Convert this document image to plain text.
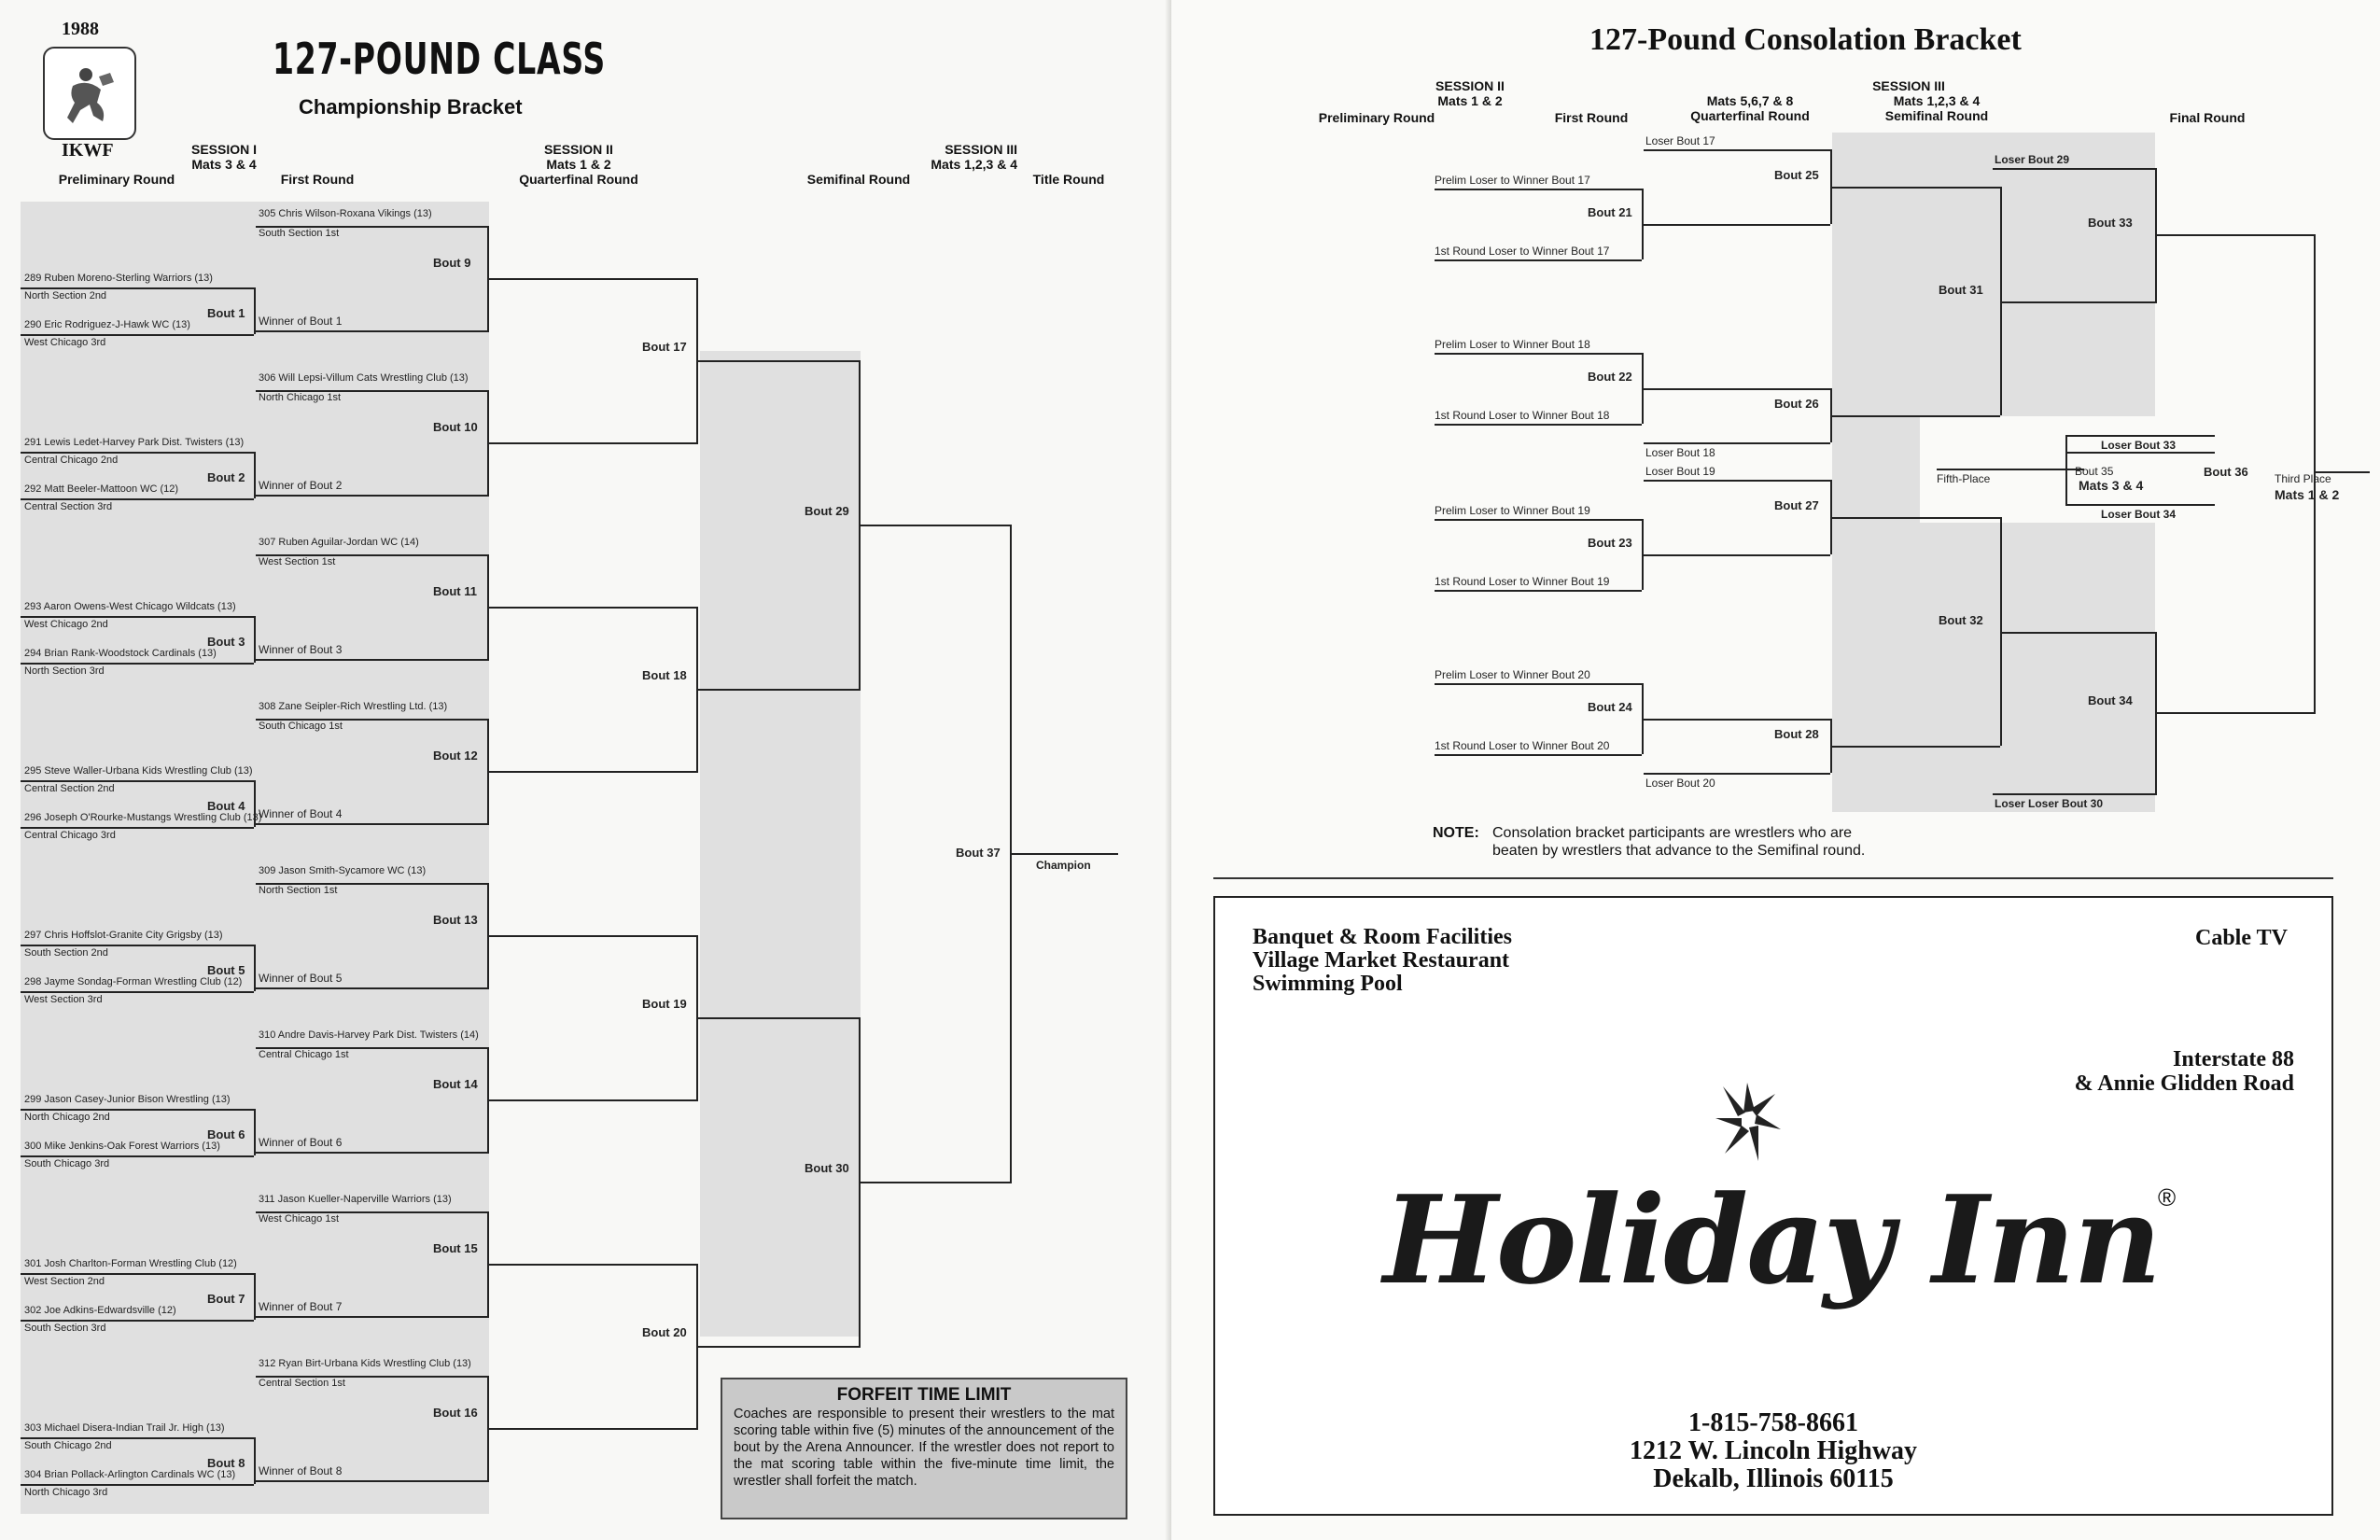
1988
IKWF
127-POUND CLASS
Championship Bracket
SESSION I
Mats 3 & 4
Preliminary Round	First Round
SESSION II
Mats 1 & 2
Quarterfinal Round
SESSION III
Mats 1,2,3 & 4
Semifinal Round	Title Round
305 Chris Wilson-Roxana Vikings (13)
South Section 1st
Bout 9
Winner of Bout 1
289 Ruben Moreno-Sterling Warriors (13)
North Section 2nd
Bout 1
290 Eric Rodriguez-J-Hawk WC (13)
West Chicago 3rd
306 Will Lepsi-Villum Cats Wrestling Club (13)
North Chicago 1st
Bout 10
Winner of Bout 2
291 Lewis Ledet-Harvey Park Dist. Twisters (13)
Central Chicago 2nd
Bout 2
292 Matt Beeler-Mattoon WC (12)
Central Section 3rd
307 Ruben Aguilar-Jordan WC (14)
West Section 1st
Bout 11
Winner of Bout 3
293 Aaron Owens-West Chicago Wildcats (13)
West Chicago 2nd
Bout 3
294 Brian Rank-Woodstock Cardinals (13)
North Section 3rd
308 Zane Seipler-Rich Wrestling Ltd. (13)
South Chicago 1st
Bout 12
Winner of Bout 4
295 Steve Waller-Urbana Kids Wrestling Club (13)
Central Section 2nd
Bout 4
296 Joseph O'Rourke-Mustangs Wrestling Club (13)
Central Chicago 3rd
309 Jason Smith-Sycamore WC (13)
North Section 1st
Bout 13
Winner of Bout 5
297 Chris Hoffslot-Granite City Grigsby (13)
South Section 2nd
Bout 5
298 Jayme Sondag-Forman Wrestling Club (12)
West Section 3rd
310 Andre Davis-Harvey Park Dist. Twisters (14)
Central Chicago 1st
Bout 14
Winner of Bout 6
299 Jason Casey-Junior Bison Wrestling (13)
North Chicago 2nd
Bout 6
300 Mike Jenkins-Oak Forest Warriors (13)
South Chicago 3rd
311 Jason Kueller-Naperville Warriors (13)
West Chicago 1st
Bout 15
Winner of Bout 7
301 Josh Charlton-Forman Wrestling Club (12)
West Section 2nd
Bout 7
302 Joe Adkins-Edwardsville (12)
South Section 3rd
312 Ryan Birt-Urbana Kids Wrestling Club (13)
Central Section 1st
Bout 16
Winner of Bout 8
303 Michael Disera-Indian Trail Jr. High (13)
South Chicago 2nd
Bout 8
304 Brian Pollack-Arlington Cardinals WC (13)
North Chicago 3rd
Bout 17
Bout 18
Bout 19
Bout 20
Bout 29
Bout 30
Bout 37
Champion
FORFEIT TIME LIMIT
Coaches are responsible to present their wrestlers to the mat scoring table within five (5) minutes of the announcement of the bout by the Arena Announcer. If the wrestler does not report to the mat scoring table within the five-minute time limit, the wrestler shall forfeit the match.
127-Pound Consolation Bracket
SESSION II
Mats 1 & 2
Preliminary Round	First Round
SESSION III
Mats 5,6,7 & 8
Quarterfinal Round
Mats 1,2,3 & 4
Semifinal Round	Final Round
Prelim Loser to Winner Bout 17
Bout 21
1st Round Loser to Winner Bout 17
Loser Bout 17
Bout 25
Prelim Loser to Winner Bout 18
Bout 22
1st Round Loser to Winner Bout 18
Loser Bout 18
Bout 26
Prelim Loser to Winner Bout 19
Bout 23
1st Round Loser to Winner Bout 19
Loser Bout 19
Bout 27
Prelim Loser to Winner Bout 20
Bout 24
1st Round Loser to Winner Bout 20
Loser Bout 20
Bout 28
Bout 31
Bout 32
Loser Bout 29
Bout 33
Loser Loser Bout 30
Bout 34
Fifth-Place
Loser Bout 33
Bout 35
Mats 3 & 4
Loser Bout 34
Bout 36 Third Place
Mats 1 & 2
NOTE: Consolation bracket participants are wrestlers who are
beaten by wrestlers that advance to the Semifinal round.
Banquet & Room Facilities
Village Market Restaurant
Swimming Pool
Cable TV
Interstate 88
& Annie Glidden Road
Holiday Inn
®
1-815-758-8661
1212 W. Lincoln Highway
Dekalb, Illinois 60115
